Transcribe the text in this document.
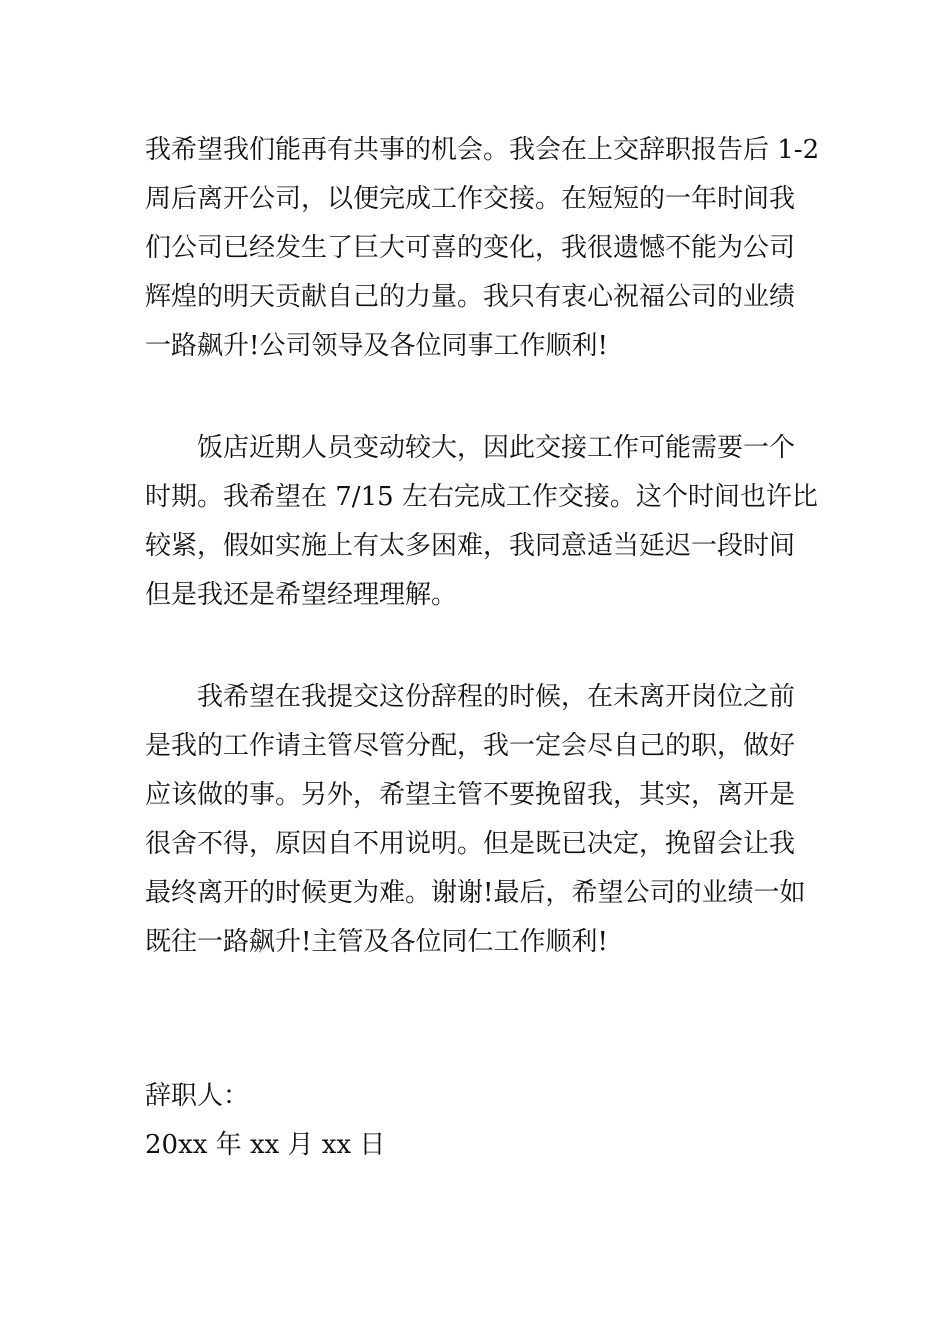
我希望我们能再有共事的机会。我会在上交辞职报告后 1-2
周后离开公司，以便完成工作交接。在短短的一年时间我
们公司已经发生了巨大可喜的变化，我很遗憾不能为公司
辉煌的明天贡献自己的力量。我只有衷心祝福公司的业绩
一路飙升!公司领导及各位同事工作顺利!
饭店近期人员变动较大，因此交接工作可能需要一个
时期。我希望在 7/15 左右完成工作交接。这个时间也许比
较紧，假如实施上有太多困难，我同意适当延迟一段时间
但是我还是希望经理理解。
我希望在我提交这份辞程的时候，在未离开岗位之前
是我的工作请主管尽管分配，我一定会尽自己的职，做好
应该做的事。另外，希望主管不要挽留我，其实，离开是
很舍不得，原因自不用说明。但是既已决定，挽留会让我
最终离开的时候更为难。谢谢!最后，希望公司的业绩一如
既往一路飙升!主管及各位同仁工作顺利!
辞职人：
20xx 年 xx 月 xx 日
